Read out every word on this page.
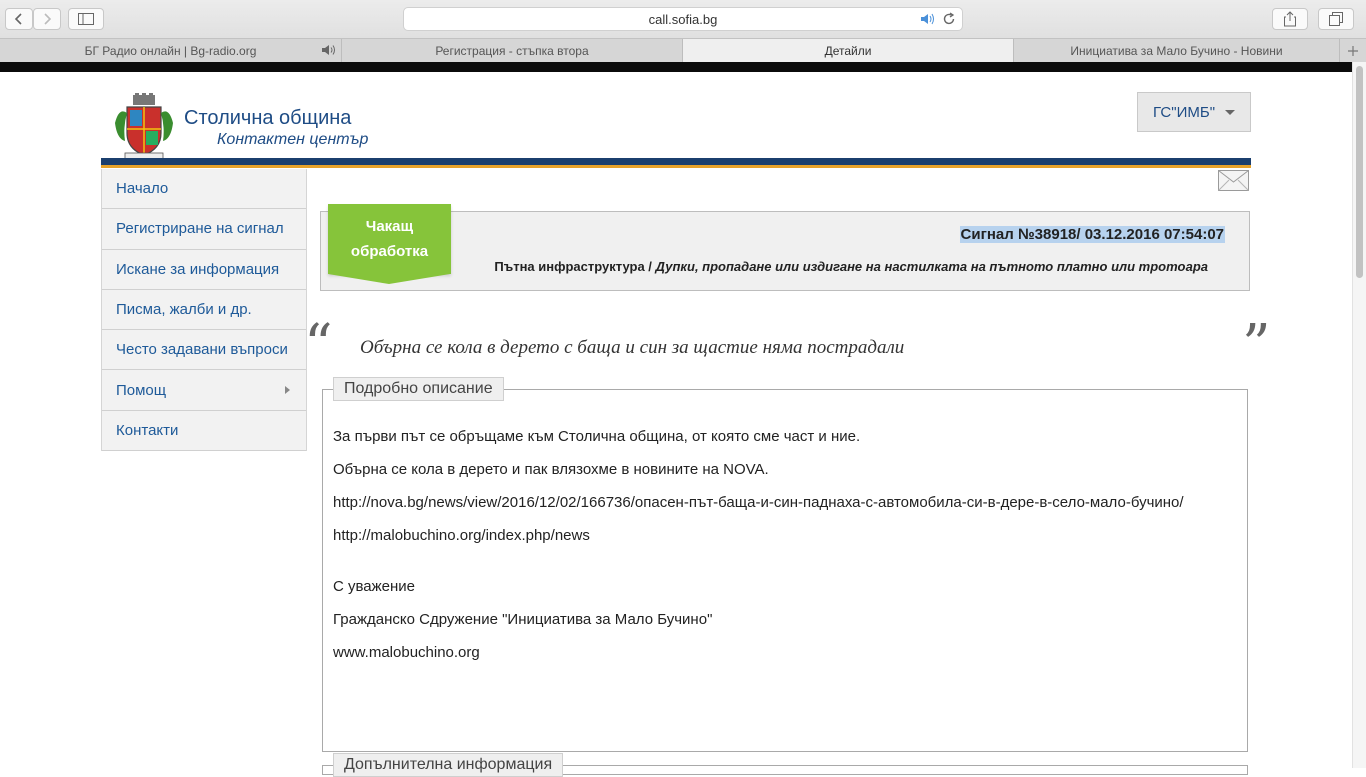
call.sofia.bg
БГ Радио онлайн | Bg-radio.org	Регистрация - стъпка втора	Детайли	Инициатива за Мало Бучино - Новини
Столична община
Контактен център
ГС"ИМБ"
Начало
Регистриране на сигнал
Искане за информация
Писма, жалби и др.
Често задавани въпроси
Помощ
Контакти
Чакащ
обработка
Сигнал №38918/ 03.12.2016 07:54:07
Пътна инфраструктура / Дупки, пропадане или издигане на настилката на пътното платно или тротоара
“ Обърна се кола в дерето с баща и син за щастие няма пострадали	”
Подробно описание

За първи път се обръщаме към Столична община, от която сме част и ние.

Обърна се кола в дерето и пак влязохме в новините на NOVA.

http://nova.bg/news/view/2016/12/02/166736/опасен-път-баща-и-син-паднаха-с-автомобила-си-в-дере-в-село-мало-бучино/

http://malobuchino.org/index.php/news

С уважение

Гражданско Сдружение "Инициатива за Мало Бучино"

www.malobuchino.org

Допълнителна информация
